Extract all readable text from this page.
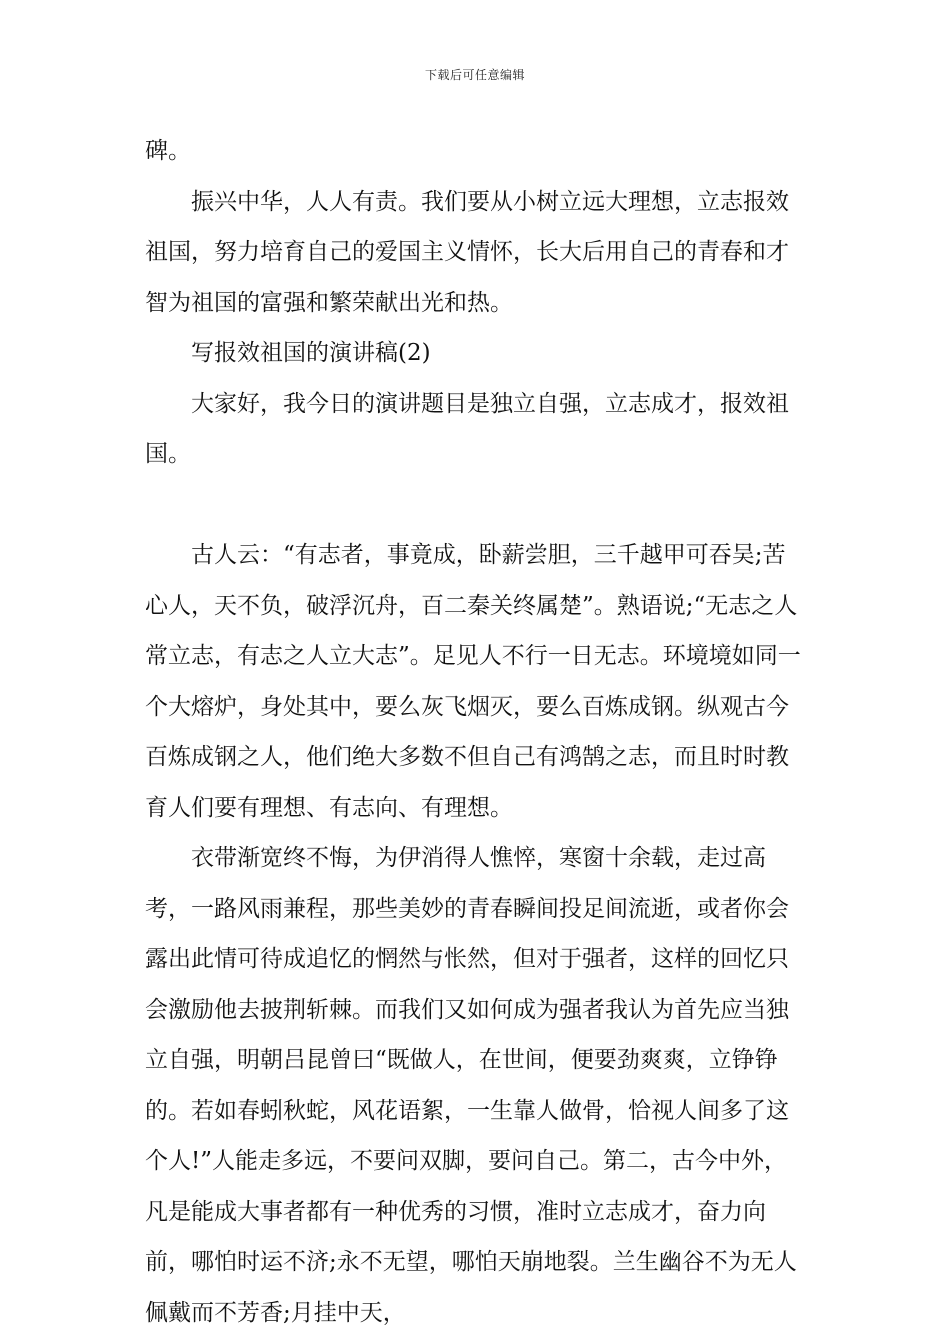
下载后可任意编辑

碑。

振兴中华，人人有责。我们要从小树立远大理想，立志报效祖国，努力培育自己的爱国主义情怀，长大后用自己的青春和才智为祖国的富强和繁荣献出光和热。

写报效祖国的演讲稿(2)

大家好，我今日的演讲题目是独立自强，立志成才，报效祖国。

古人云：“有志者，事竟成，卧薪尝胆，三千越甲可吞吴;苦心人，天不负，破浮沉舟，百二秦关终属楚”。熟语说;“无志之人常立志，有志之人立大志”。足见人不行一日无志。环境境如同一个大熔炉，身处其中，要么灰飞烟灭，要么百炼成钢。纵观古今百炼成钢之人，他们绝大多数不但自己有鸿鹄之志，而且时时教育人们要有理想、有志向、有理想。

衣带渐宽终不悔，为伊消得人憔悴，寒窗十余载，走过高考，一路风雨兼程，那些美妙的青春瞬间投足间流逝，或者你会露出此情可待成追忆的惘然与怅然，但对于强者，这样的回忆只会激励他去披荆斩棘。而我们又如何成为强者我认为首先应当独立自强，明朝吕昆曾曰“既做人，在世间，便要劲爽爽，立铮铮的。若如春蚓秋蛇，风花语絮，一生靠人做骨，恰视人间多了这个人!”人能走多远，不要问双脚，要问自己。第二，古今中外，凡是能成大事者都有一种优秀的习惯，准时立志成才，奋力向前，哪怕时运不济;永不无望，哪怕天崩地裂。兰生幽谷不为无人佩戴而不芳香;月挂中天，
